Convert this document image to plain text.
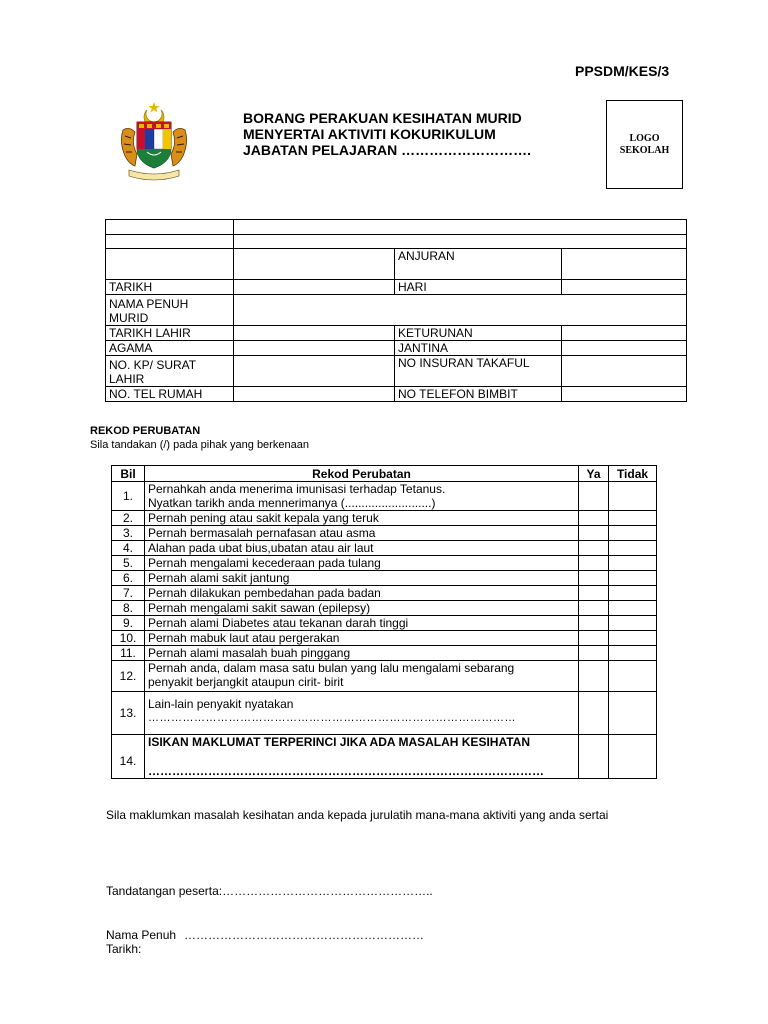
PPSDM/KES/3
BORANG PERAKUAN KESIHATAN MURID
MENYERTAI AKTIVITI KOKURIKULUM
JABATAN PELAJARAN ……………………….
LOGO
SEKOLAH

		ANJURAN	
TARIKH		HARI	
NAMA PENUH MURID			
TARIKH LAHIR		KETURUNAN	
AGAMA		JANTINA	
NO. KP/ SURAT LAHIR		NO INSURAN TAKAFUL	
NO. TEL RUMAH		NO TELEFON BIMBIT	
REKOD PERUBATAN
Sila tandakan (/) pada pihak yang berkenaan
Bil	Rekod Perubatan	Ya	Tidak
1.	Pernahkah anda menerima imunisasi terhadap Tetanus.
Nyatkan tarikh anda mennerimanya (..........................)		

2.	Pernah pening atau sakit kepala yang teruk		
3.	Pernah bermasalah pernafasan atau asma		
4.	Alahan pada ubat bius,ubatan atau air laut		
5.	Pernah mengalami kecederaan pada tulang		
6.	Pernah alami sakit jantung		
7.	Pernah dilakukan pembedahan pada badan		
8.	Pernah mengalami sakit sawan (epilepsy)		
9.	Pernah alami Diabetes atau tekanan darah tinggi		
10.	Pernah mabuk laut atau pergerakan		
11.	Pernah alami masalah buah pinggang		
12.	Pernah anda, dalam masa satu bulan yang lalu mengalami sebarang
penyakit berjangkit ataupun cirit- birit		

13.	Lain-lain penyakit nyatakan
……………………………………………………………………………………		

14.	ISIKAN MAKLUMAT TERPERINCI JIKA ADA MASALAH KESIHATAN
………………………………………………………………………………………		

Sila maklumkan masalah kesihatan anda kepada jurulatih mana-mana aktiviti yang anda sertai
Tandatangan peserta:……………………………………………..
Nama Penuh ……………………………………………………
Tarikh:
